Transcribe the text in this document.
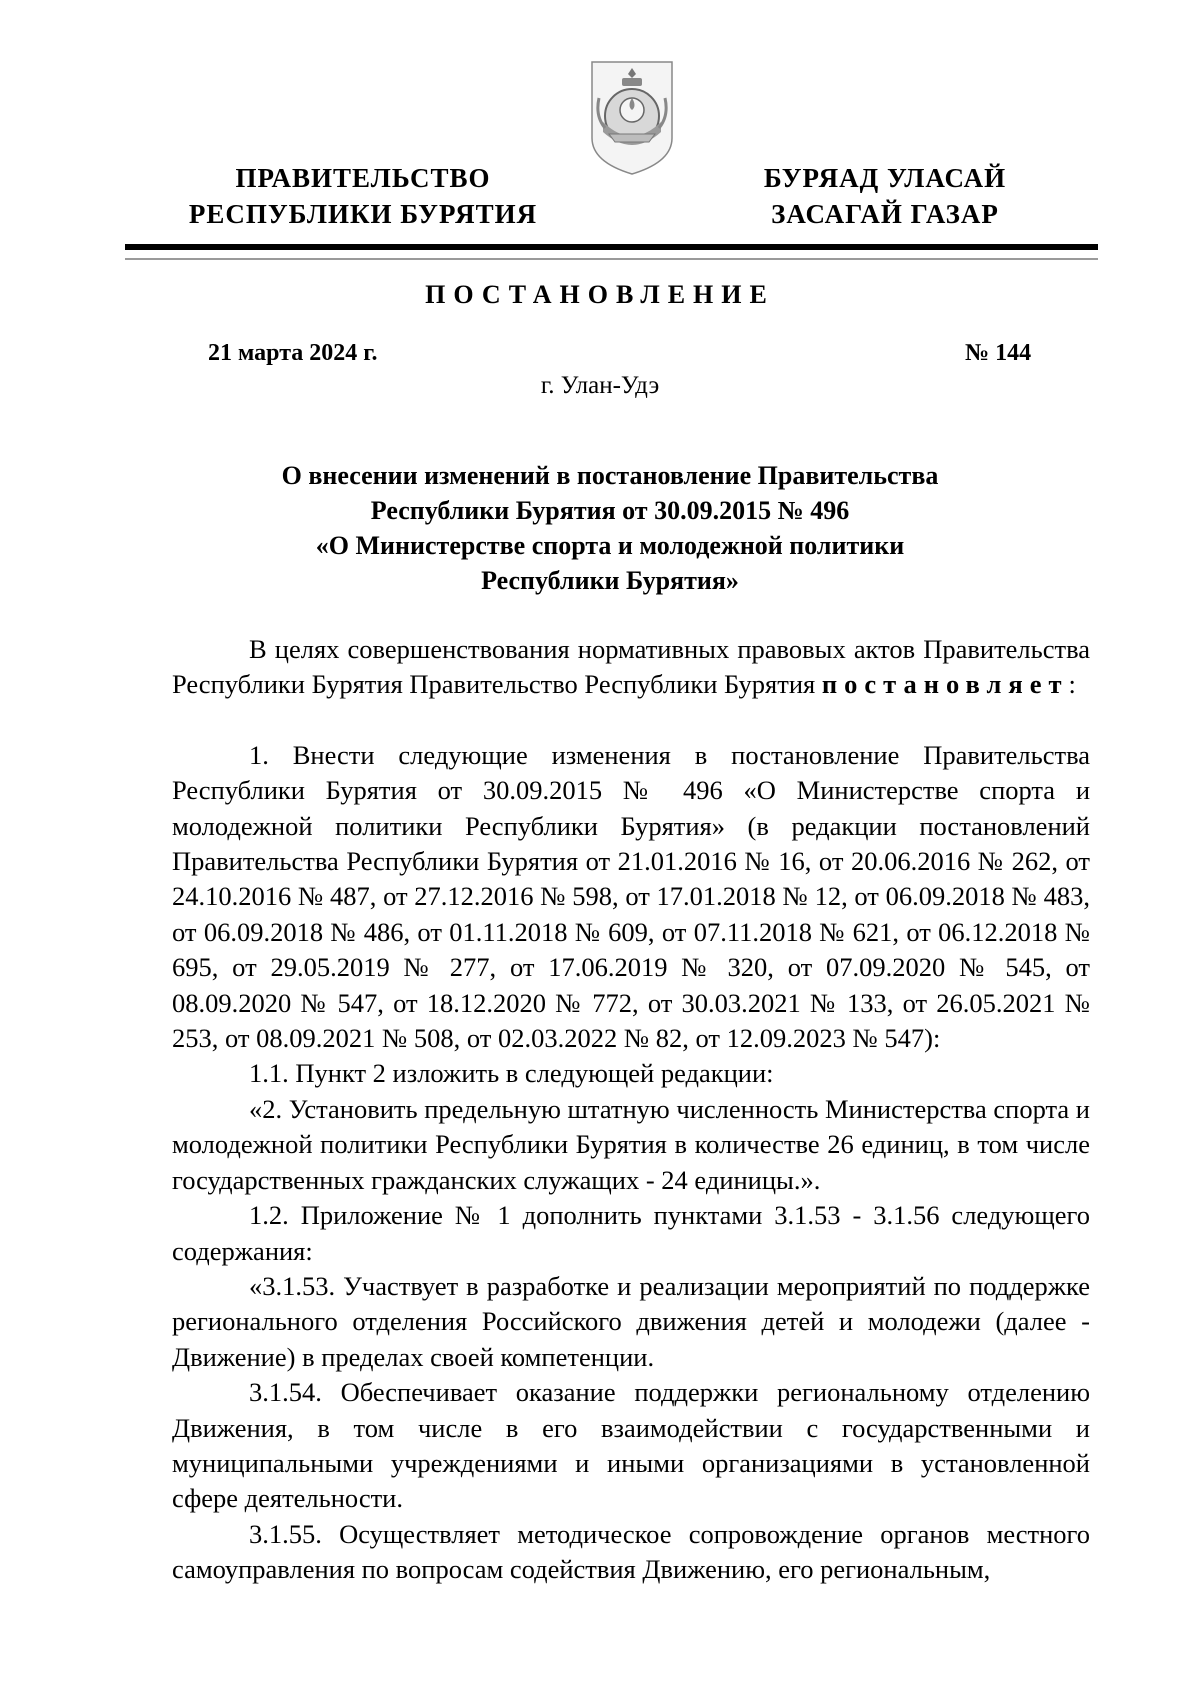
ПРАВИТЕЛЬСТВО
РЕСПУБЛИКИ БУРЯТИЯ
БУРЯАД УЛАСАЙ
ЗАСАГАЙ ГАЗАР
ПОСТАНОВЛЕНИЕ
21 марта 2024 г.	№ 144
г. Улан-Удэ
О внесении изменений в постановление Правительства
Республики Бурятия от 30.09.2015 № 496
«О Министерстве спорта и молодежной политики
Республики Бурятия»

В целях совершенствования нормативных правовых актов Правительства Республики Бурятия Правительство Республики Бурятия постановляет:

1. Внести следующие изменения в постановление Правительства Республики Бурятия от 30.09.2015 № 496 «О Министерстве спорта и молодежной политики Республики Бурятия» (в редакции постановлений Правительства Республики Бурятия от 21.01.2016 № 16, от 20.06.2016 № 262, от 24.10.2016 № 487, от 27.12.2016 № 598, от 17.01.2018 № 12, от 06.09.2018 № 483, от 06.09.2018 № 486, от 01.11.2018 № 609, от 07.11.2018 № 621, от 06.12.2018 № 695, от 29.05.2019 № 277, от 17.06.2019 № 320, от 07.09.2020 № 545, от 08.09.2020 № 547, от 18.12.2020 № 772, от 30.03.2021 № 133, от 26.05.2021 № 253, от 08.09.2021 № 508, от 02.03.2022 № 82, от 12.09.2023 № 547):

1.1. Пункт 2 изложить в следующей редакции:

«2. Установить предельную штатную численность Министерства спорта и молодежной политики Республики Бурятия в количестве 26 единиц, в том числе государственных гражданских служащих - 24 единицы.».

1.2. Приложение № 1 дополнить пунктами 3.1.53 - 3.1.56 следующего содержания:

«3.1.53. Участвует в разработке и реализации мероприятий по поддержке регионального отделения Российского движения детей и молодежи (далее - Движение) в пределах своей компетенции.

3.1.54. Обеспечивает оказание поддержки региональному отделению Движения, в том числе в его взаимодействии с государственными и муниципальными учреждениями и иными организациями в установленной сфере деятельности.

3.1.55. Осуществляет методическое сопровождение органов местного самоуправления по вопросам содействия Движению, его региональным,
